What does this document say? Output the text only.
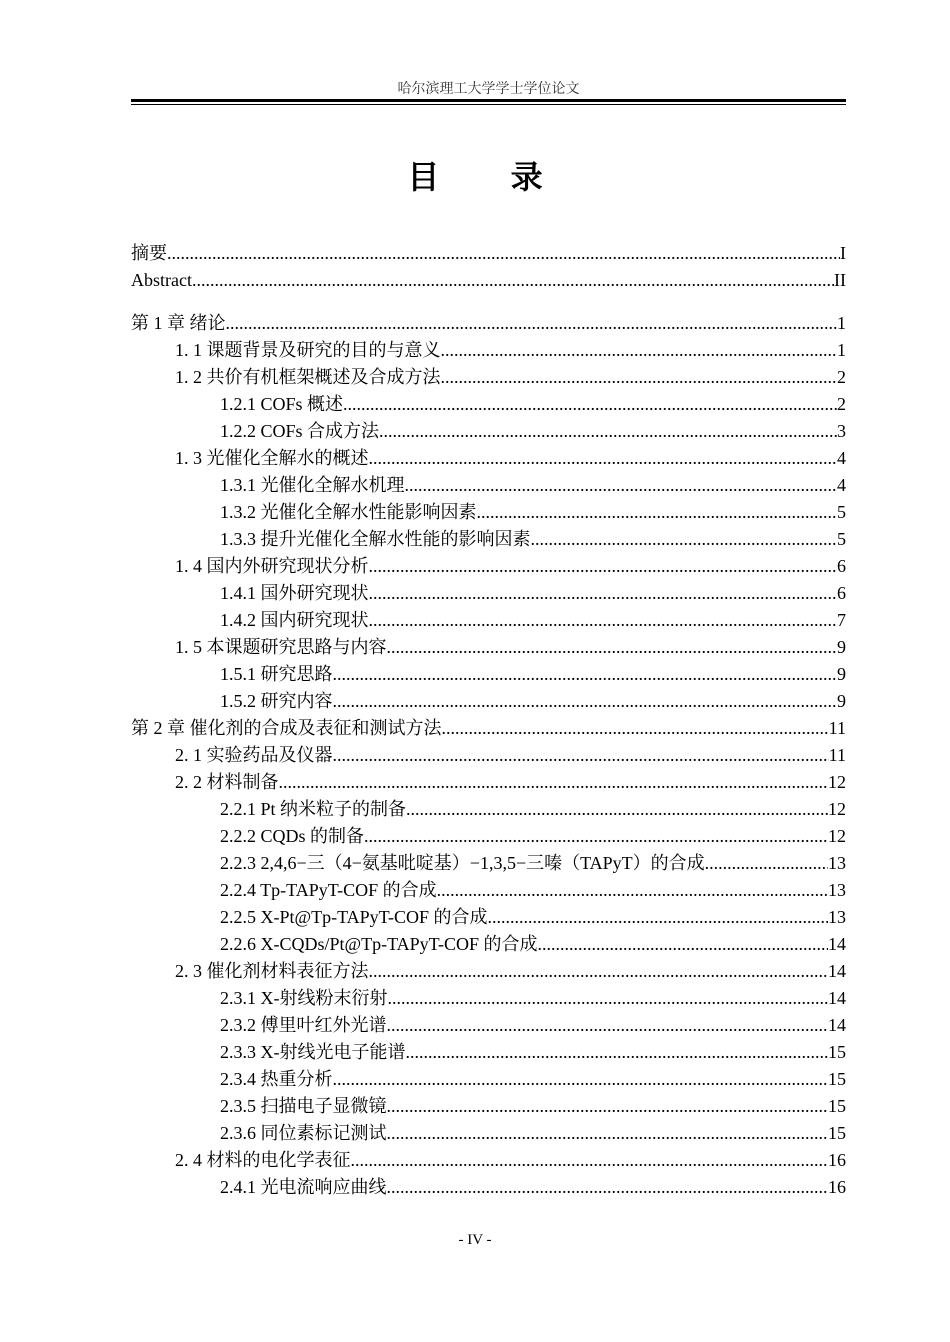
哈尔滨理工大学学士学位论文
目 录
摘要 .....	I
Abstract .....	II
第 1 章 绪论 .....	1
1. 1 课题背景及研究的目的与意义 .....	1
1. 2 共价有机框架概述及合成方法 .....	2
1.2.1 COFs 概述 .....	2
1.2.2 COFs 合成方法 .....	3
1. 3 光催化全解水的概述 .....	4
1.3.1 光催化全解水机理 .....	4
1.3.2 光催化全解水性能影响因素 .....	5
1.3.3 提升光催化全解水性能的影响因素 .....	5
1. 4 国内外研究现状分析 .....	6
1.4.1 国外研究现状 .....	6
1.4.2 国内研究现状 .....	7
1. 5 本课题研究思路与内容 .....	9
1.5.1 研究思路 .....	9
1.5.2 研究内容 .....	9
第 2 章 催化剂的合成及表征和测试方法 .....	11
2. 1 实验药品及仪器 .....	11
2. 2 材料制备 .....	12
2.2.1 Pt 纳米粒子的制备 .....	12
2.2.2 CQDs 的制备 .....	12
2.2.3 2,4,6−三（4−氨基吡啶基）−1,3,5−三嗪（TAPyT）的合成 .....	13
2.2.4 Tp-TAPyT-COF 的合成 .....	13
2.2.5 X-Pt@Tp-TAPyT-COF 的合成 .....	13
2.2.6 X-CQDs/Pt@Tp-TAPyT-COF 的合成 .....	14
2. 3 催化剂材料表征方法 .....	14
2.3.1 X-射线粉末衍射 .....	14
2.3.2 傅里叶红外光谱 .....	14
2.3.3 X-射线光电子能谱 .....	15
2.3.4 热重分析 .....	15
2.3.5 扫描电子显微镜 .....	15
2.3.6 同位素标记测试 .....	15
2. 4 材料的电化学表征 .....	16
2.4.1 光电流响应曲线 .....	16
- IV -
